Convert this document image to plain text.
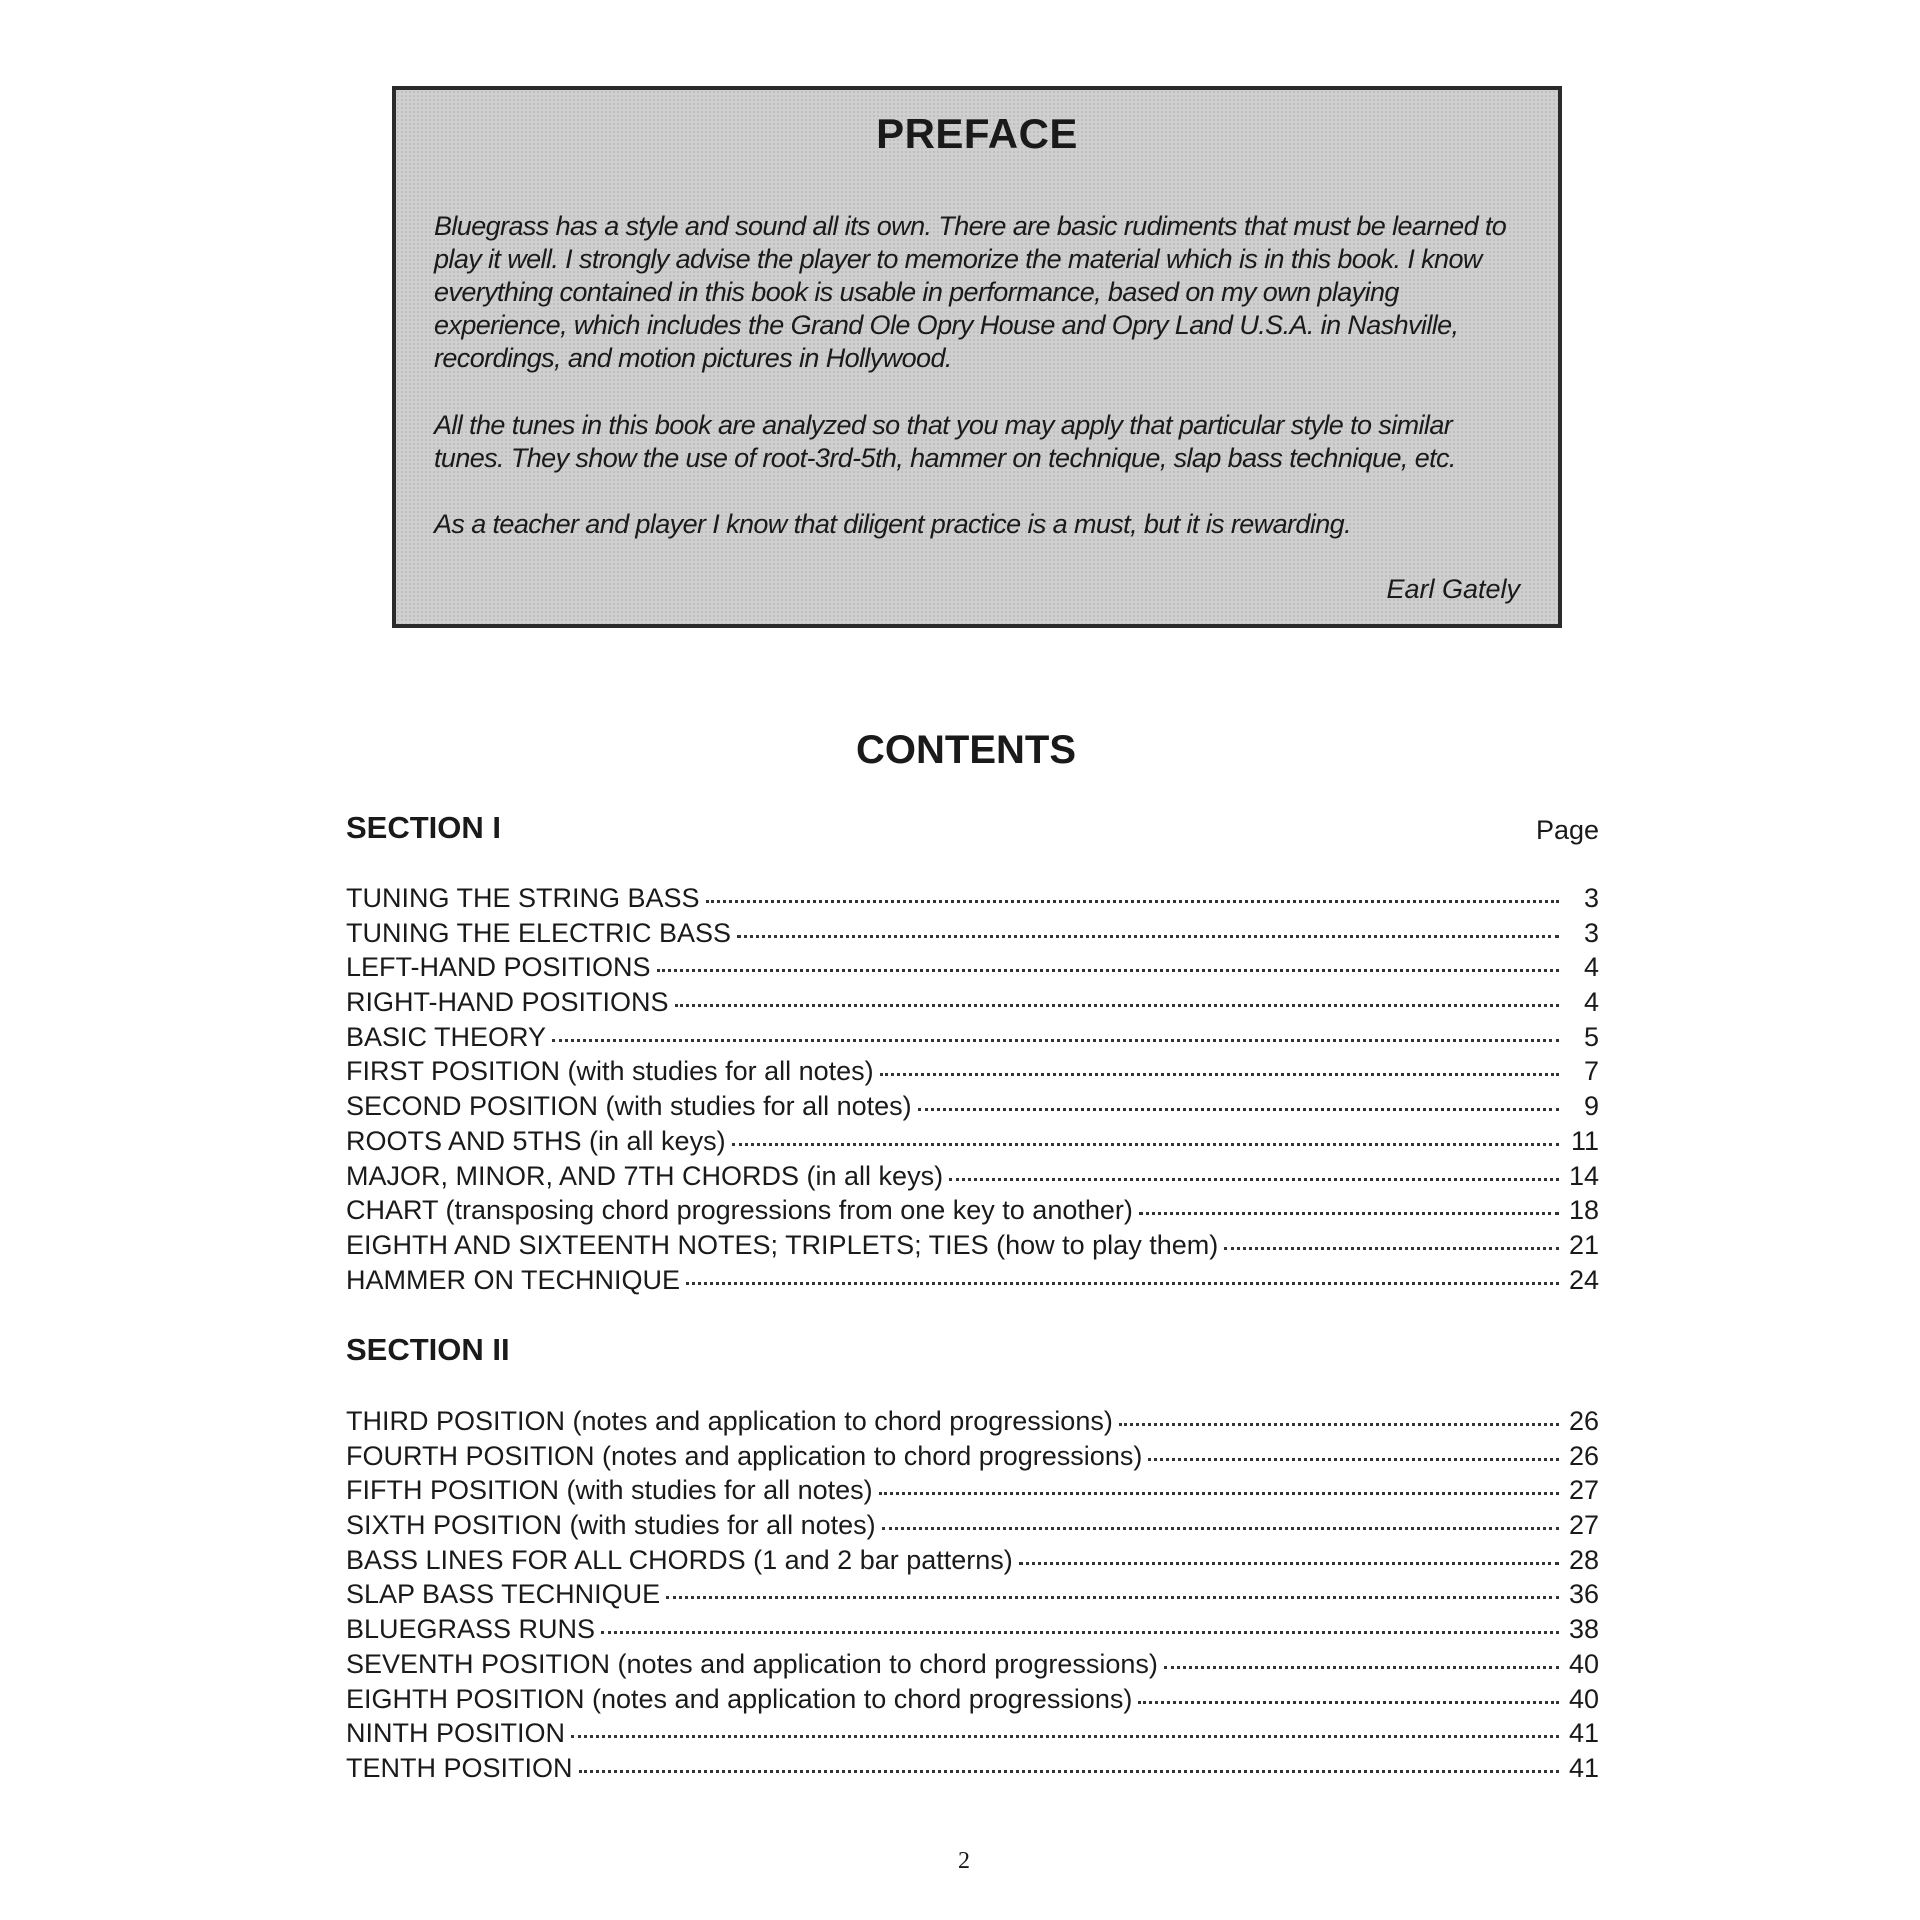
PREFACE
Bluegrass has a style and sound all its own. There are basic rudiments that must be learned to play it well. I strongly advise the player to memorize the material which is in this book. I know everything contained in this book is usable in performance, based on my own playing experience, which includes the Grand Ole Opry House and Opry Land U.S.A. in Nashville, recordings, and motion pictures in Hollywood.
All the tunes in this book are analyzed so that you may apply that particular style to similar tunes. They show the use of root-3rd-5th, hammer on technique, slap bass technique, etc.
As a teacher and player I know that diligent practice is a must, but it is rewarding.
Earl Gately
CONTENTS
SECTION I	Page
TUNING THE STRING BASS	3
TUNING THE ELECTRIC BASS	3
LEFT-HAND POSITIONS	4
RIGHT-HAND POSITIONS	4
BASIC THEORY	5
FIRST POSITION (with studies for all notes)	7
SECOND POSITION (with studies for all notes)	9
ROOTS AND 5THS (in all keys)	11
MAJOR, MINOR, AND 7TH CHORDS (in all keys)	14
CHART (transposing chord progressions from one key to another)	18
EIGHTH AND SIXTEENTH NOTES; TRIPLETS; TIES (how to play them)	21
HAMMER ON TECHNIQUE	24
SECTION II
THIRD POSITION (notes and application to chord progressions)	26
FOURTH POSITION (notes and application to chord progressions)	26
FIFTH POSITION (with studies for all notes)	27
SIXTH POSITION (with studies for all notes)	27
BASS LINES FOR ALL CHORDS (1 and 2 bar patterns)	28
SLAP BASS TECHNIQUE	36
BLUEGRASS RUNS	38
SEVENTH POSITION (notes and application to chord progressions)	40
EIGHTH POSITION (notes and application to chord progressions)	40
NINTH POSITION	41
TENTH POSITION	41
2
